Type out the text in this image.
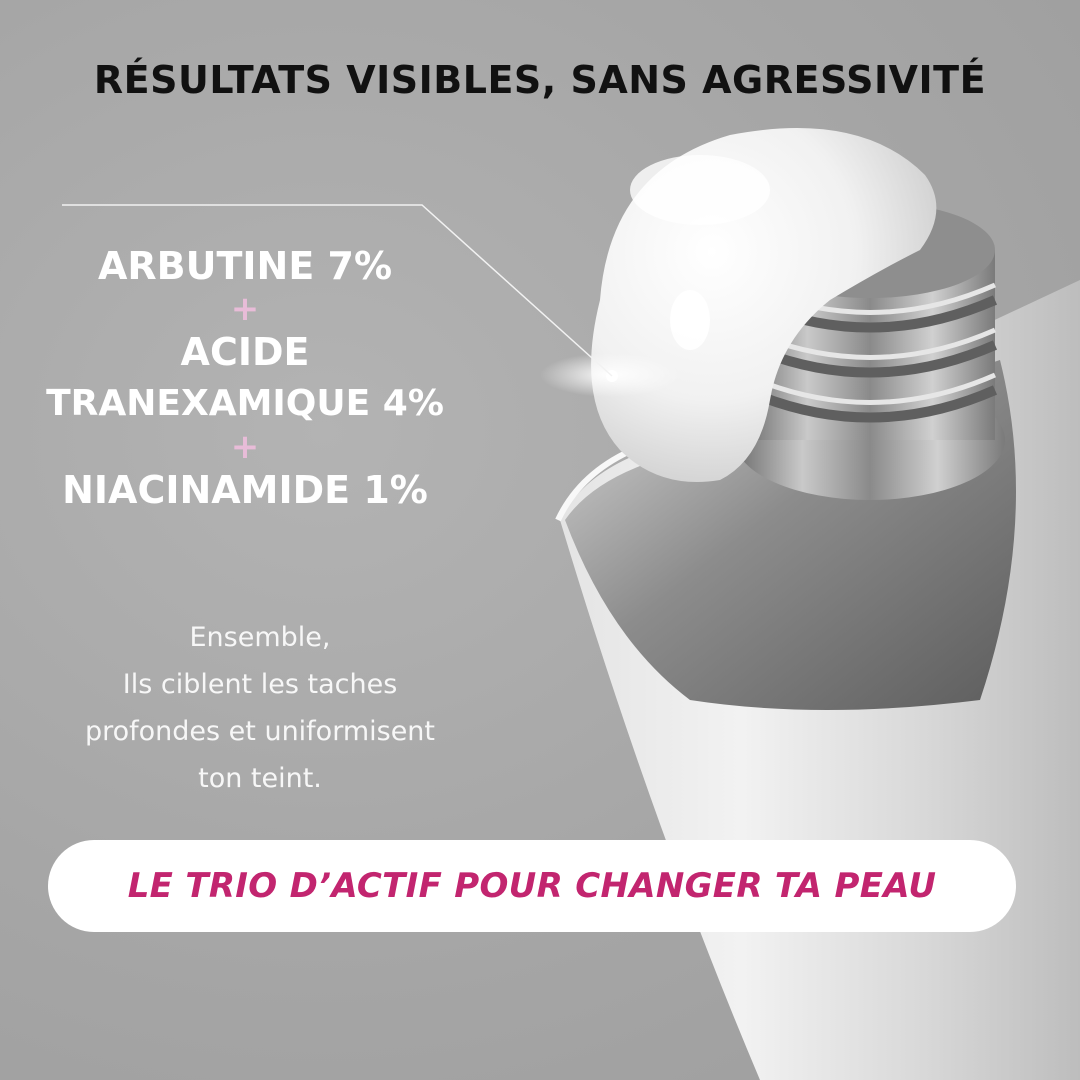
RÉSULTATS VISIBLES, SANS AGRESSIVITÉ
ARBUTINE 7%
+
ACIDE
TRANEXAMIQUE 4%
+
NIACINAMIDE 1%
Ensemble,
Ils ciblent les taches
profondes et uniformisent
ton teint.
LE TRIO D’ACTIF POUR CHANGER TA PEAU
